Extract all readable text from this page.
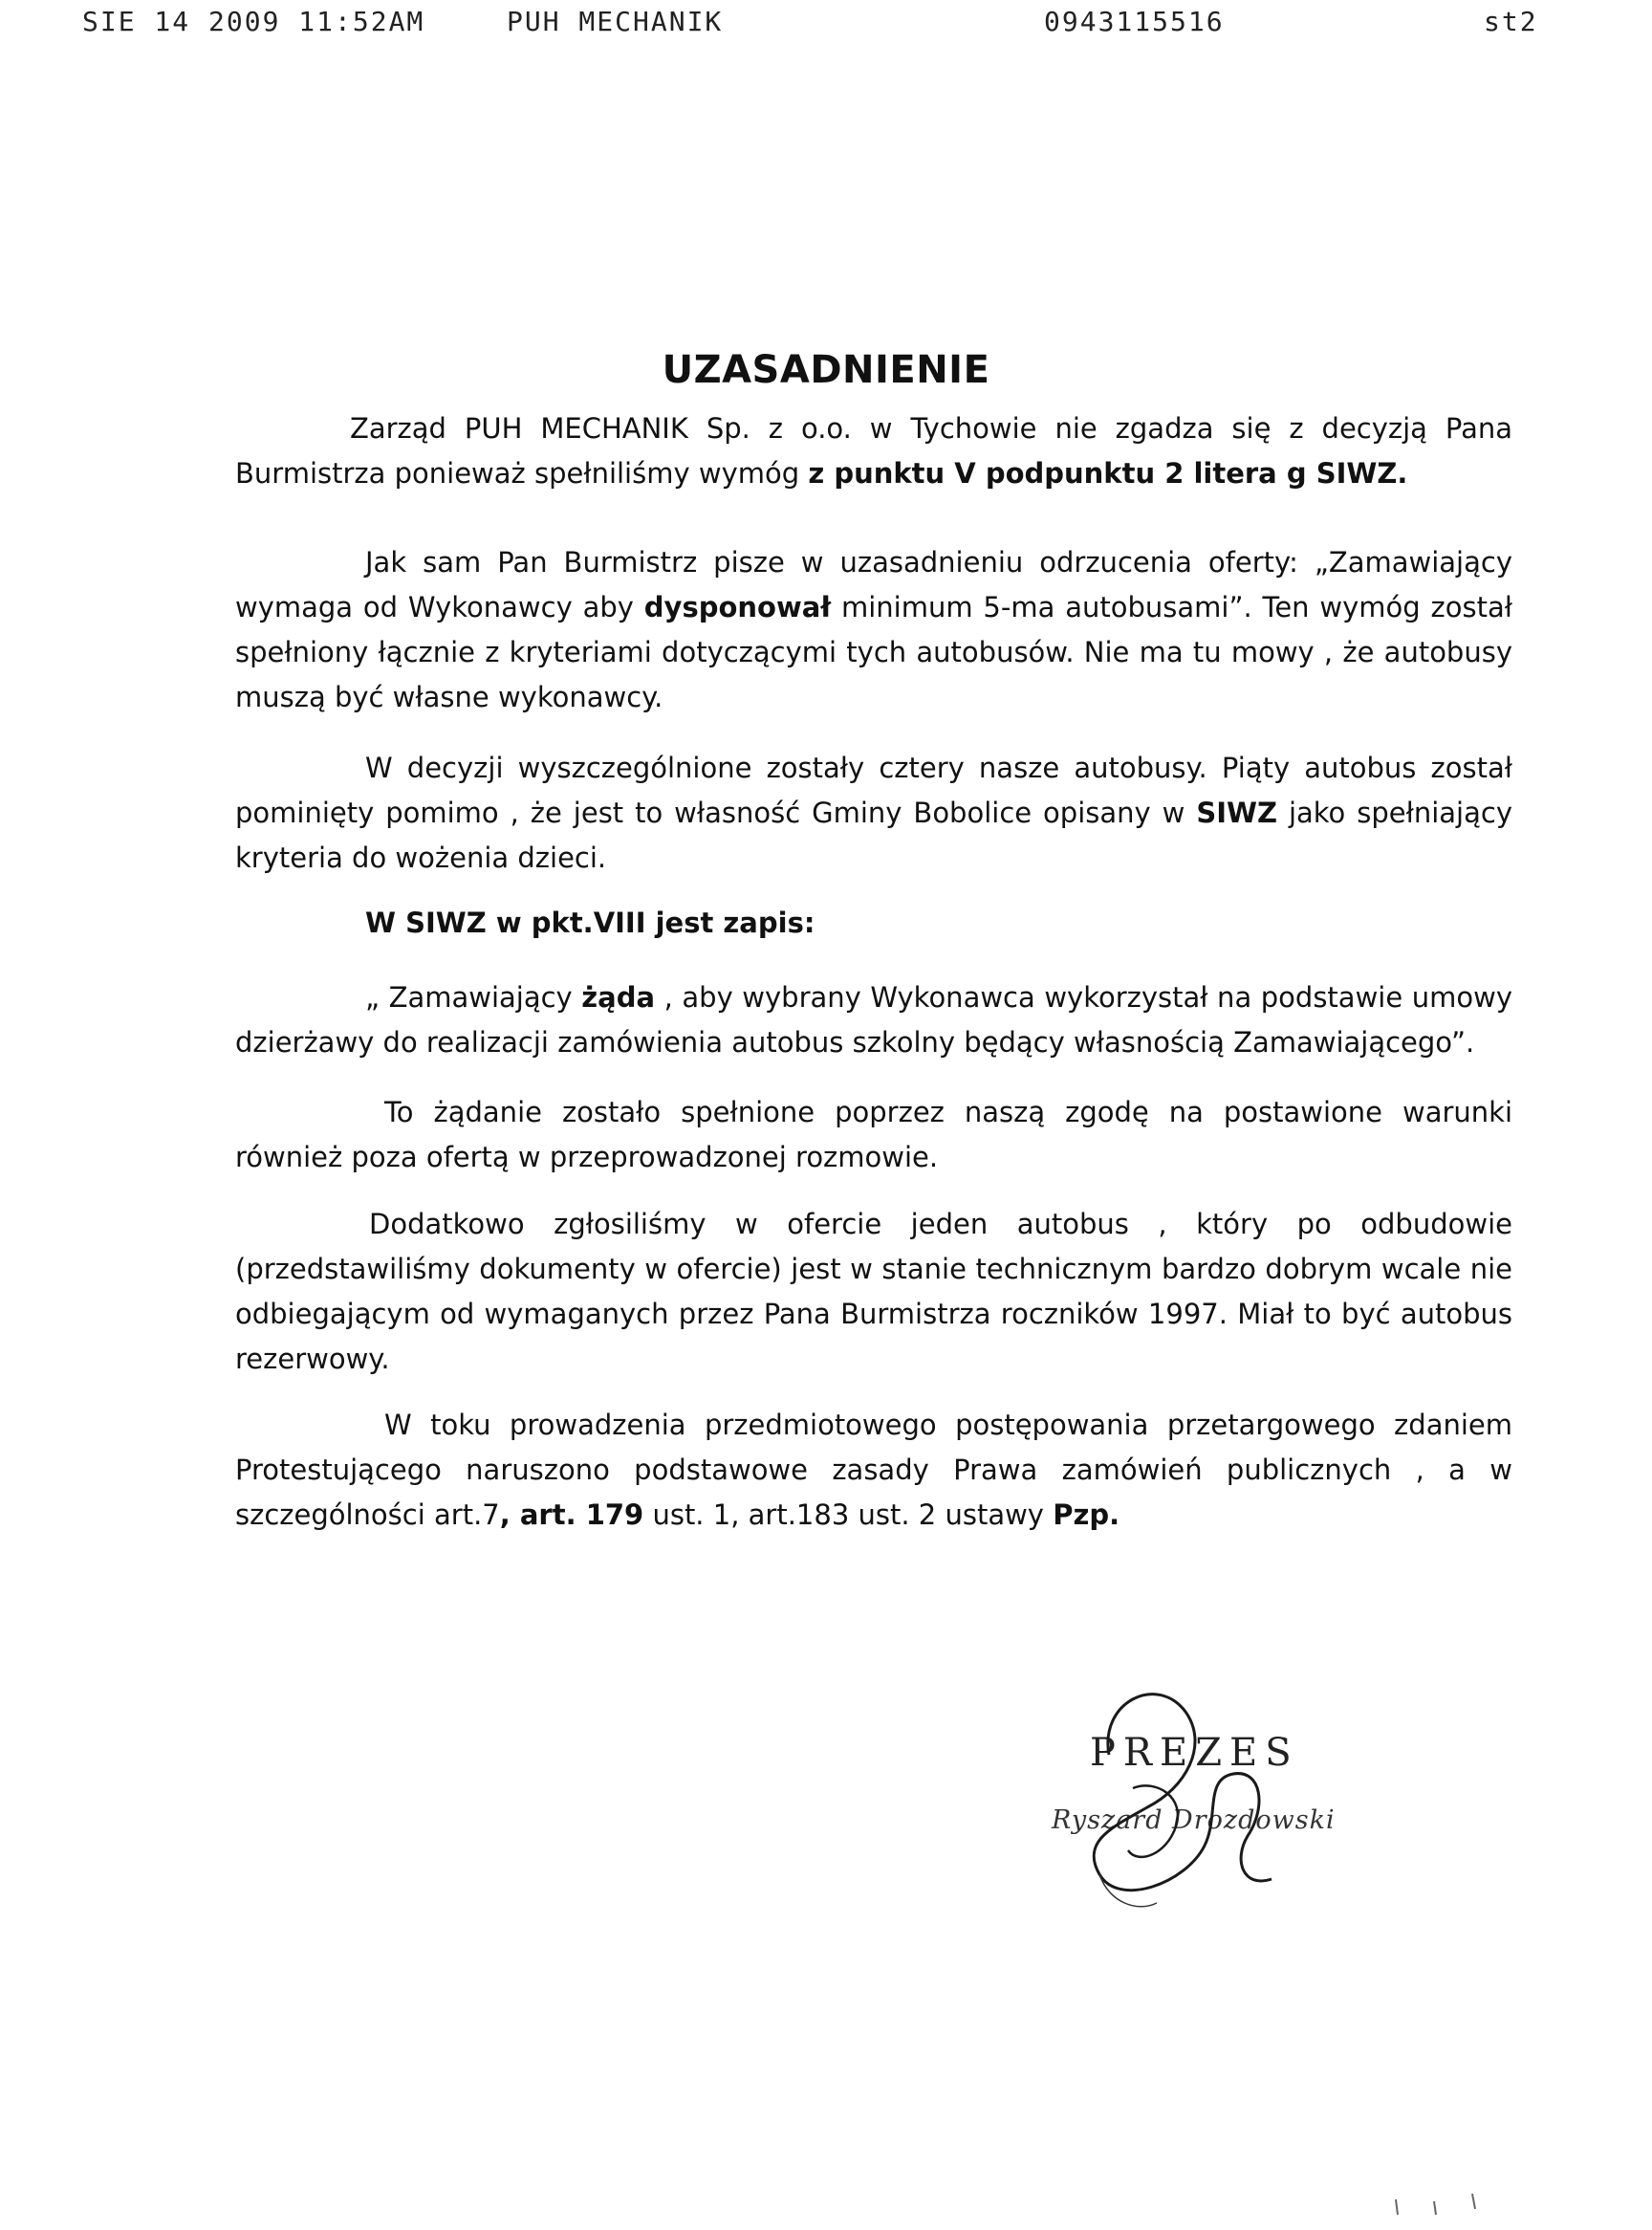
SIE 14 2009 11:52AM	PUH MECHANIK	0943115516	st2
UZASADNIENIE

Zarząd PUH MECHANIK Sp. z o.o. w Tychowie nie zgadza się z decyzją Pana Burmistrza ponieważ spełniliśmy wymóg z punktu V podpunktu 2 litera g SIWZ.

Jak sam Pan Burmistrz pisze w uzasadnieniu odrzucenia oferty: „Zamawiający wymaga od Wykonawcy aby dysponował minimum 5-ma autobusami”. Ten wymóg został spełniony łącznie z kryteriami dotyczącymi tych autobusów. Nie ma tu mowy , że autobusy muszą być własne wykonawcy.

W decyzji wyszczególnione zostały cztery nasze autobusy. Piąty autobus został pominięty pomimo , że jest to własność Gminy Bobolice opisany w SIWZ jako spełniający kryteria do wożenia dzieci.

W SIWZ w pkt.VIII jest zapis:

„ Zamawiający żąda , aby wybrany Wykonawca wykorzystał na podstawie umowy dzierżawy do realizacji zamówienia autobus szkolny będący własnością Zamawiającego”.

To żądanie zostało spełnione poprzez naszą zgodę na postawione warunki również poza ofertą w przeprowadzonej rozmowie.

Dodatkowo zgłosiliśmy w ofercie jeden autobus , który po odbudowie (przedstawiliśmy dokumenty w ofercie) jest w stanie technicznym bardzo dobrym wcale nie odbiegającym od wymaganych przez Pana Burmistrza roczników 1997. Miał to być autobus rezerwowy.

W toku prowadzenia przedmiotowego postępowania przetargowego zdaniem Protestującego naruszono podstawowe zasady Prawa zamówień publicznych , a w szczególności art.7, art. 179 ust. 1, art.183 ust. 2 ustawy Pzp.

PREZES
Ryszard Drozdowski
